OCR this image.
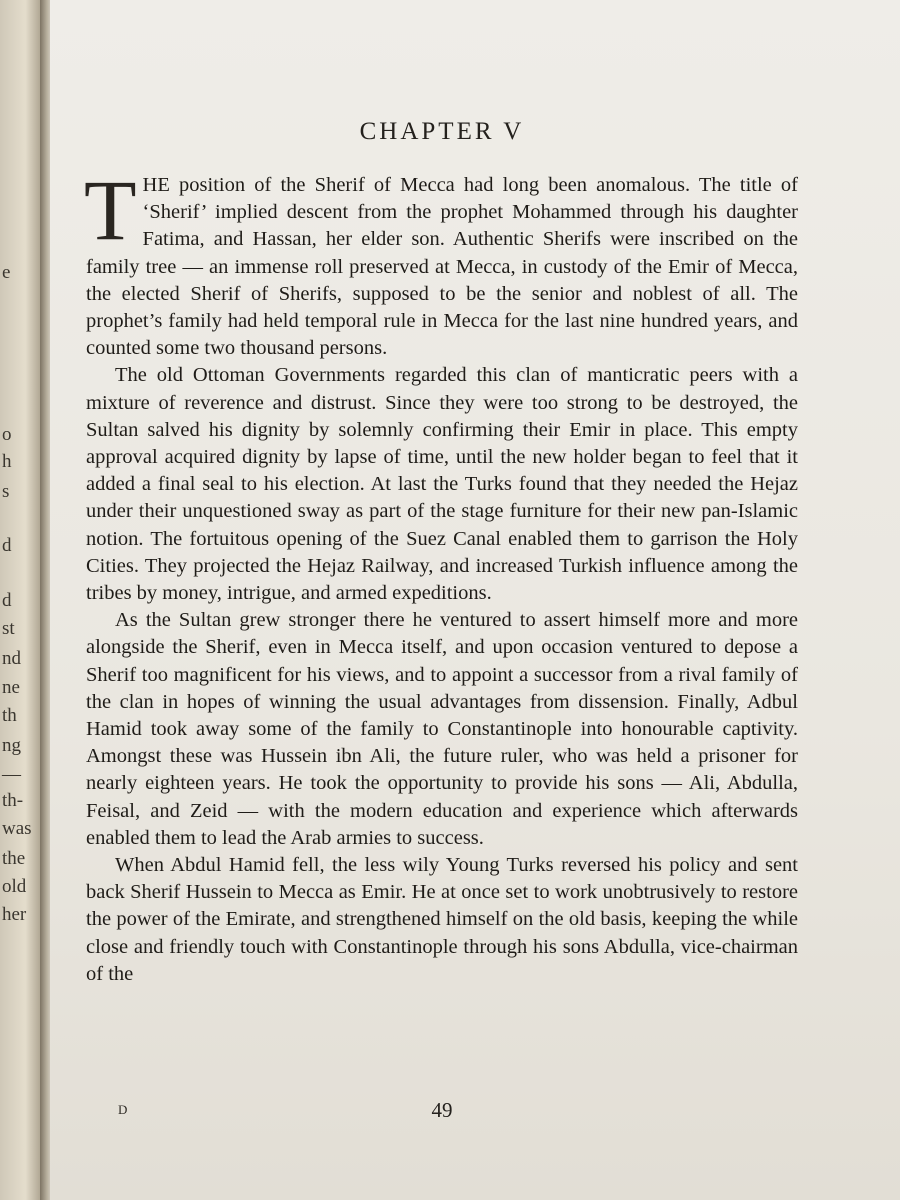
e
o
h
s
d
d
st
nd
ne
th
ng
—
th-
was
the
old
her
CHAPTER V

THE position of the Sherif of Mecca had long been anomalous. The title of ‘Sherif’ implied descent from the prophet Mohammed through his daughter Fatima, and Hassan, her elder son. Authentic Sherifs were inscribed on the family tree — an immense roll preserved at Mecca, in custody of the Emir of Mecca, the elected Sherif of Sherifs, supposed to be the senior and noblest of all. The prophet’s family had held temporal rule in Mecca for the last nine hundred years, and counted some two thousand persons.

The old Ottoman Governments regarded this clan of manticratic peers with a mixture of reverence and distrust. Since they were too strong to be destroyed, the Sultan salved his dignity by solemnly confirming their Emir in place. This empty approval acquired dignity by lapse of time, until the new holder began to feel that it added a final seal to his election. At last the Turks found that they needed the Hejaz under their unquestioned sway as part of the stage furniture for their new pan-Islamic notion. The fortuitous opening of the Suez Canal enabled them to garrison the Holy Cities. They projected the Hejaz Railway, and increased Turkish influence among the tribes by money, intrigue, and armed expeditions.

As the Sultan grew stronger there he ventured to assert himself more and more alongside the Sherif, even in Mecca itself, and upon occasion ventured to depose a Sherif too magnificent for his views, and to appoint a successor from a rival family of the clan in hopes of winning the usual advantages from dissension. Finally, Adbul Hamid took away some of the family to Constantinople into honourable captivity. Amongst these was Hussein ibn Ali, the future ruler, who was held a prisoner for nearly eighteen years. He took the opportunity to provide his sons — Ali, Abdulla, Feisal, and Zeid — with the modern education and experience which afterwards enabled them to lead the Arab armies to success.

When Abdul Hamid fell, the less wily Young Turks reversed his policy and sent back Sherif Hussein to Mecca as Emir. He at once set to work unobtrusively to restore the power of the Emirate, and strengthened himself on the old basis, keeping the while close and friendly touch with Constantinople through his sons Abdulla, vice-chairman of the

D	49
